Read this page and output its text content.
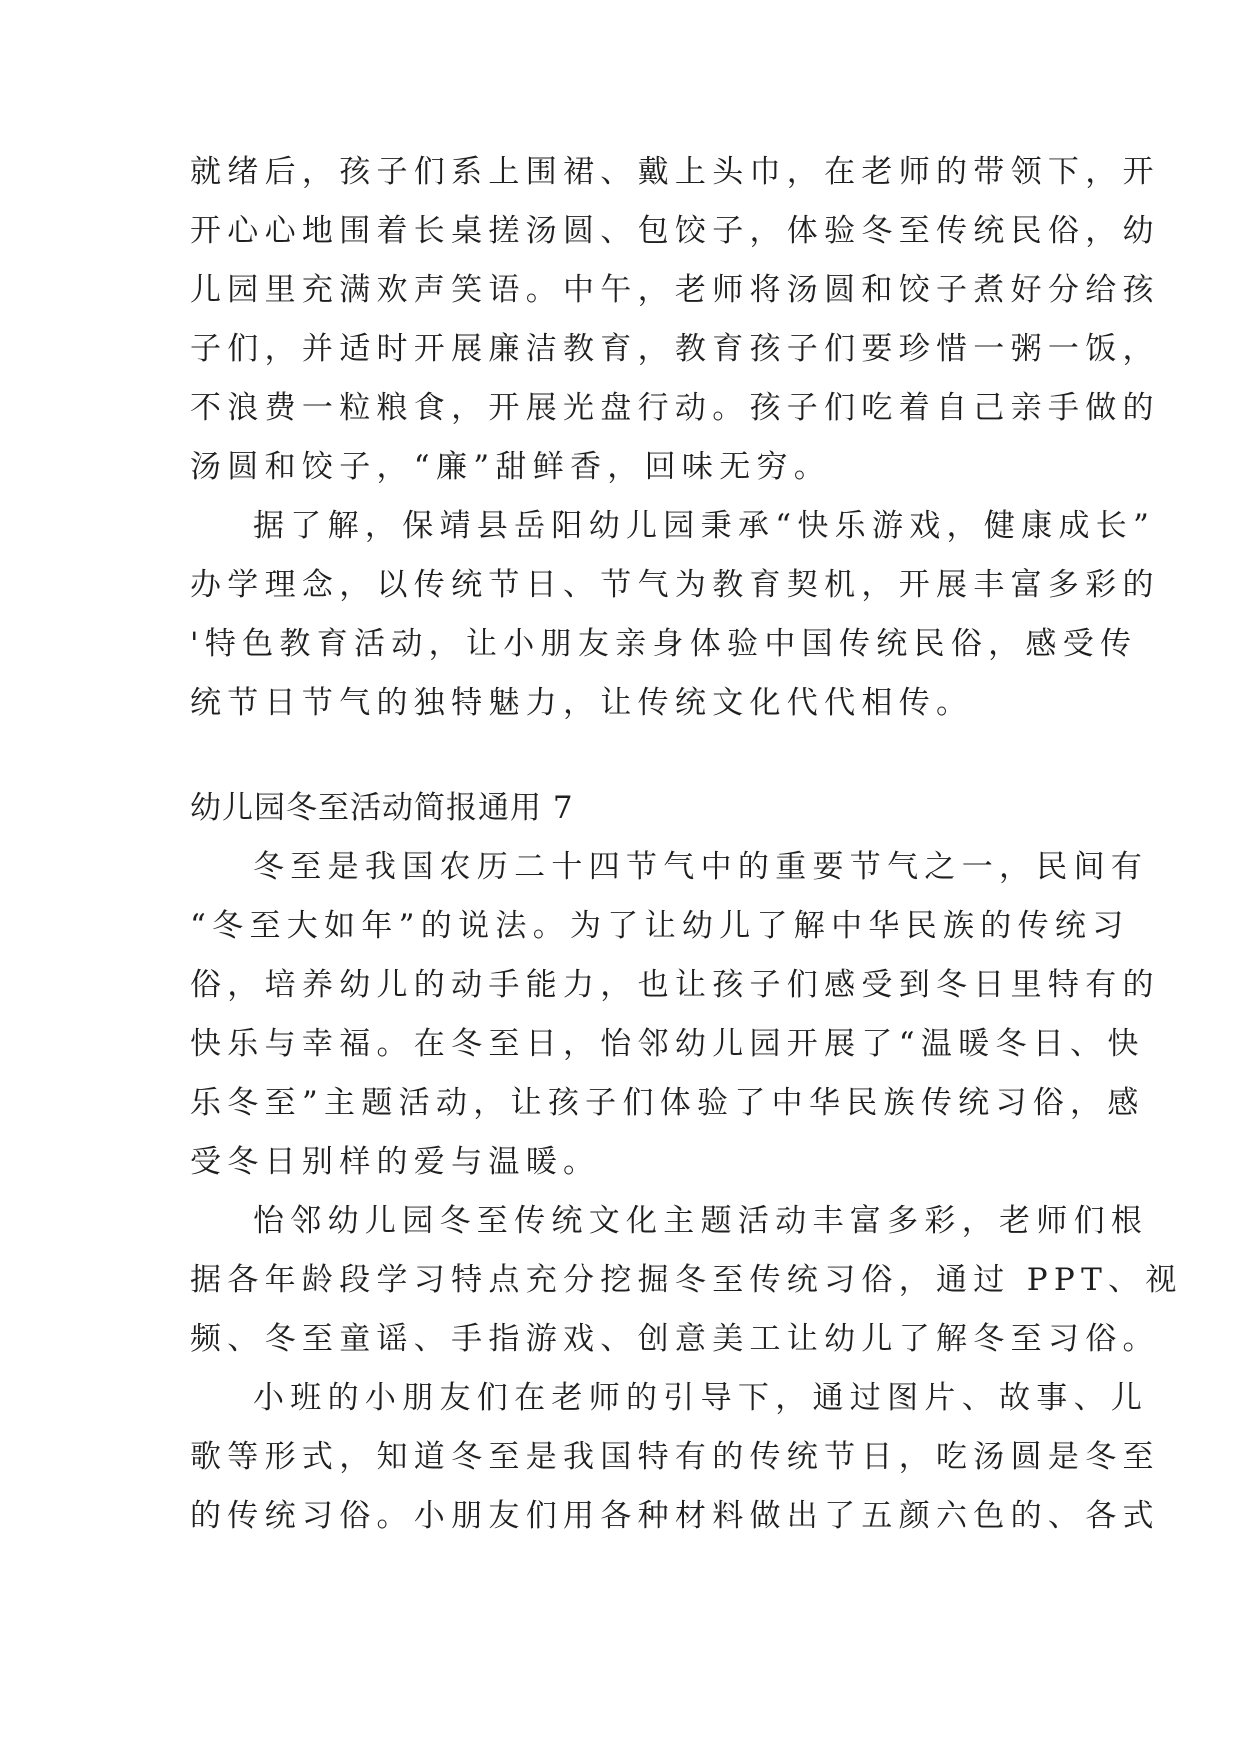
就绪后，孩子们系上围裙、戴上头巾，在老师的带领下，开
开心心地围着长桌搓汤圆、包饺子，体验冬至传统民俗，幼
儿园里充满欢声笑语。中午，老师将汤圆和饺子煮好分给孩
子们，并适时开展廉洁教育，教育孩子们要珍惜一粥一饭，
不浪费一粒粮食，开展光盘行动。孩子们吃着自己亲手做的
汤圆和饺子，“廉”甜鲜香，回味无穷。
据了解，保靖县岳阳幼儿园秉承“快乐游戏，健康成长”
办学理念，以传统节日、节气为教育契机，开展丰富多彩的
'特色教育活动，让小朋友亲身体验中国传统民俗，感受传
统节日节气的独特魅力，让传统文化代代相传。
幼儿园冬至活动简报通用 7
冬至是我国农历二十四节气中的重要节气之一，民间有
“冬至大如年”的说法。为了让幼儿了解中华民族的传统习
俗，培养幼儿的动手能力，也让孩子们感受到冬日里特有的
快乐与幸福。在冬至日，怡邻幼儿园开展了“温暖冬日、快
乐冬至”主题活动，让孩子们体验了中华民族传统习俗，感
受冬日别样的爱与温暖。
怡邻幼儿园冬至传统文化主题活动丰富多彩，老师们根
据各年龄段学习特点充分挖掘冬至传统习俗，通过 PPT、视
频、冬至童谣、手指游戏、创意美工让幼儿了解冬至习俗。
小班的小朋友们在老师的引导下，通过图片、故事、儿
歌等形式，知道冬至是我国特有的传统节日，吃汤圆是冬至
的传统习俗。小朋友们用各种材料做出了五颜六色的、各式
